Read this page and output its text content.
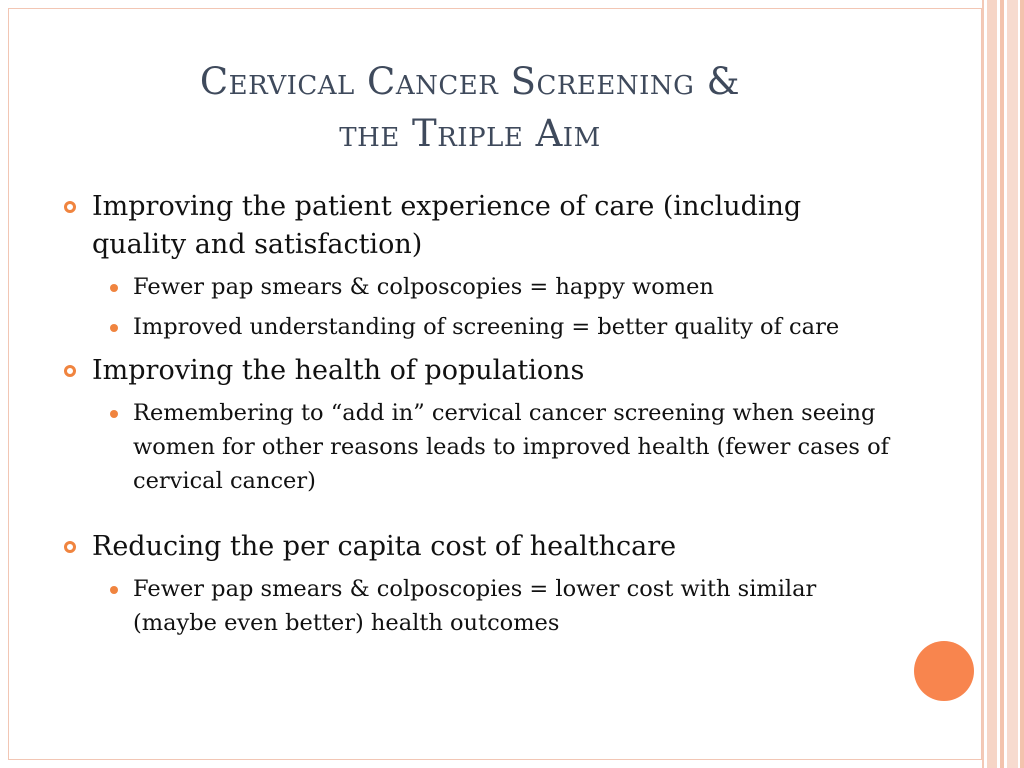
Cervical Cancer Screening &
the Triple Aim
Improving the patient experience of care (including quality and satisfaction)
Fewer pap smears & colposcopies = happy women
Improved understanding of screening = better quality of care
Improving the health of populations
Remembering to “add in” cervical cancer screening when seeing women for other reasons leads to improved health (fewer cases of cervical cancer)
Reducing the per capita cost of healthcare
Fewer pap smears & colposcopies = lower cost with similar (maybe even better) health outcomes
